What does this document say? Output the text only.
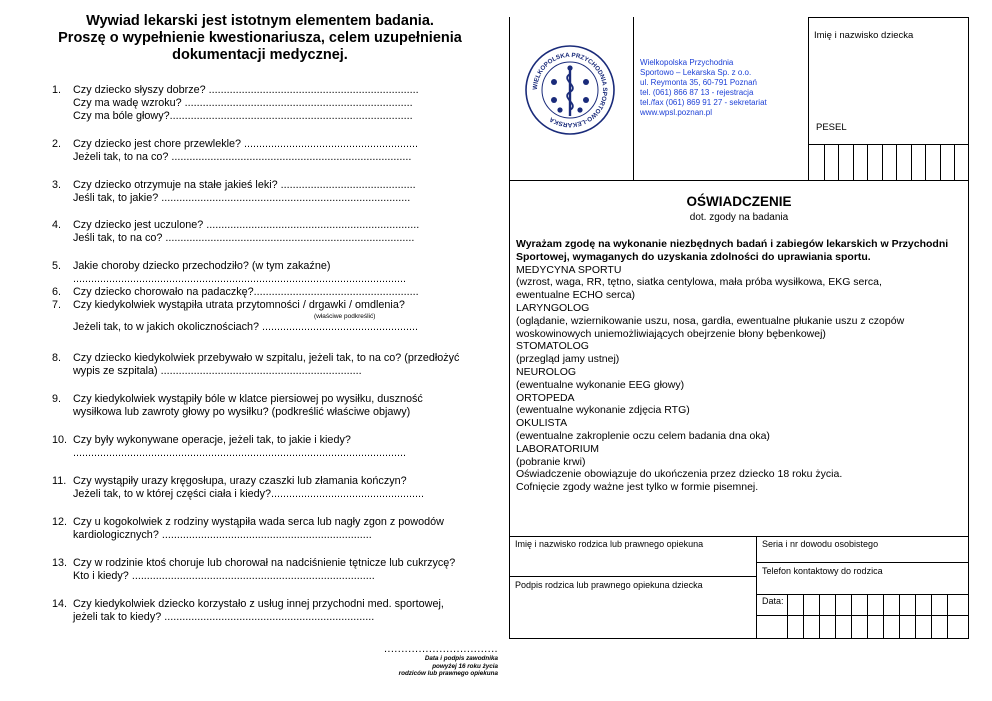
Wywiad lekarski jest istotnym elementem badania.
Proszę o wypełnienie kwestionariusza, celem uzupełnienia
dokumentacji medycznej.
1.	Czy dziecko słyszy dobrze? ......................................................................
Czy ma wadę wzroku? ............................................................................
Czy ma bóle głowy?.................................................................................
2.	Czy dziecko jest chore przewlekle? ..........................................................
Jeżeli tak, to na co? ................................................................................
3.	Czy dziecko otrzymuje na stałe jakieś leki? .............................................
Jeśli tak, to jakie? ...................................................................................
4.	Czy dziecko jest uczulone? .......................................................................
Jeśli tak, to na co? ...................................................................................
5.	Jakie choroby dziecko przechodziło? (w tym zakaźne)
...............................................................................................................
6.	Czy dziecko chorowało na padaczkę?.......................................................
7.	Czy kiedykolwiek wystąpiła utrata przytomności / drgawki / omdlenia?
(właściwe podkreślić)
Jeżeli tak, to w jakich okolicznościach? ....................................................
8.	Czy dziecko kiedykolwiek przebywało w szpitalu, jeżeli tak, to na co? (przedłożyć
wypis ze szpitala) ...................................................................
9.	Czy kiedykolwiek wystąpiły bóle w klatce piersiowej po wysiłku, duszność
wysiłkowa lub zawroty głowy po wysiłku? (podkreślić właściwe objawy)
10. Czy były wykonywane operacje, jeżeli tak, to jakie i kiedy?
...............................................................................................................
11. Czy wystąpiły urazy kręgosłupa, urazy czaszki lub złamania kończyn?
Jeżeli tak, to w której części ciała i kiedy?...................................................
12. Czy u kogokolwiek z rodziny wystąpiła wada serca lub nagły zgon z powodów
kardiologicznych? ......................................................................
13. Czy w rodzinie ktoś choruje lub chorował na nadciśnienie tętnicze lub cukrzycę?
Kto i kiedy? .................................................................................
14. Czy kiedykolwiek dziecko korzystało z usług innej przychodni med. sportowej,
jeżeli tak to kiedy? ......................................................................
.................................
Data i podpis zawodnika
powyżej 16 roku życia
rodziców lub prawnego opiekuna
WIELKOPOLSKA PRZYCHODNIA SPORTOWO-LEKARSKA
Wielkopolska Przychodnia
Sportowo – Lekarska Sp. z o.o.
ul. Reymonta 35, 60-791 Poznań
tel. (061) 866 87 13 - rejestracja
tel./fax (061) 869 91 27 - sekretariat
www.wpsl.poznan.pl
Imię i nazwisko dziecka
PESEL
OŚWIADCZENIE
dot. zgody na badania
Wyrażam zgodę na wykonanie niezbędnych badań i zabiegów lekarskich w Przychodni Sportowej, wymaganych do uzyskania zdolności do uprawiania sportu.
MEDYCYNA SPORTU
(wzrost, waga, RR, tętno, siatka centylowa, mała próba wysiłkowa, EKG serca,
ewentualne ECHO serca)
LARYNGOLOG
(oglądanie, wziernikowanie uszu, nosa, gardła, ewentualne płukanie uszu z czopów
woskowinowych uniemożliwiających obejrzenie błony bębenkowej)
STOMATOLOG
(przegląd jamy ustnej)
NEUROLOG
(ewentualne wykonanie EEG głowy)
ORTOPEDA
(ewentualne wykonanie zdjęcia RTG)
OKULISTA
(ewentualne zakroplenie oczu celem badania dna oka)
LABORATORIUM
(pobranie krwi)
Oświadczenie obowiązuje do ukończenia przez dziecko 18 roku życia.
Cofnięcie zgody ważne jest tylko w formie pisemnej.
Imię i nazwisko rodzica lub prawnego opiekuna	Seria i nr dowodu osobistego
Telefon kontaktowy do rodzica
Podpis rodzica lub prawnego opiekuna dziecka
Data:
